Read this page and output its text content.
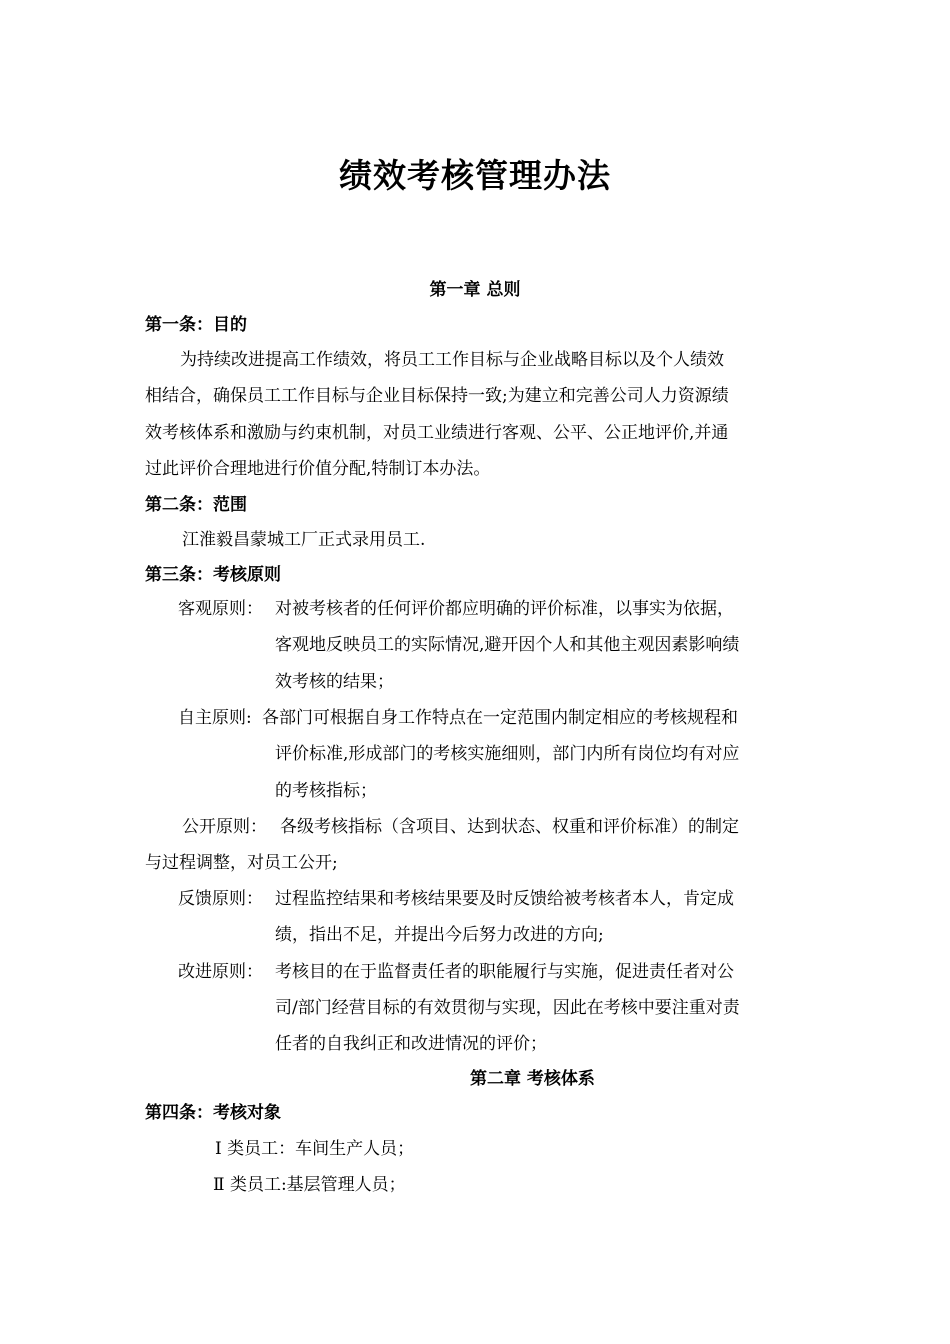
绩效考核管理办法
第一章 总则
第一条：目的
为持续改进提高工作绩效，将员工工作目标与企业战略目标以及个人绩效
相结合，确保员工工作目标与企业目标保持一致;为建立和完善公司人力资源绩
效考核体系和激励与约束机制，对员工业绩进行客观、公平、公正地评价,并通
过此评价合理地进行价值分配,特制订本办法。
第二条：范围
江淮毅昌蒙城工厂正式录用员工.
第三条：考核原则
客观原则： 对被考核者的任何评价都应明确的评价标准，以事实为依据，
客观地反映员工的实际情况,避开因个人和其他主观因素影响绩
效考核的结果；
自主原则: 各部门可根据自身工作特点在一定范围内制定相应的考核规程和
评价标准,形成部门的考核实施细则，部门内所有岗位均有对应
的考核指标；
公开原则： 各级考核指标（含项目、达到状态、权重和评价标准）的制定
与过程调整，对员工公开;
反馈原则： 过程监控结果和考核结果要及时反馈给被考核者本人，肯定成
绩，指出不足，并提出今后努力改进的方向;
改进原则： 考核目的在于监督责任者的职能履行与实施，促进责任者对公
司/部门经营目标的有效贯彻与实现，因此在考核中要注重对责
任者的自我纠正和改进情况的评价；
第二章 考核体系
第四条：考核对象
Ⅰ 类员工：车间生产人员；
Ⅱ 类员工:基层管理人员；
